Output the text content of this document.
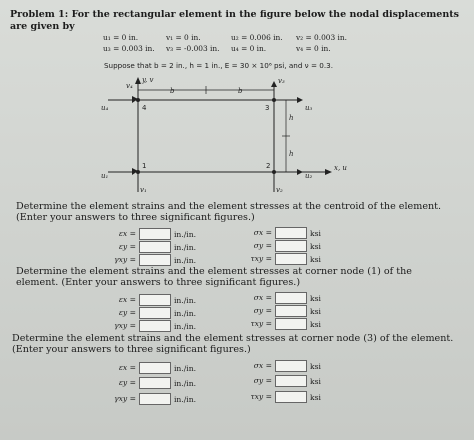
Problem 1: For the rectangular element in the figure below the nodal displacements are given by
u₁ = 0 in.	v₁ = 0 in.	u₂ = 0.006 in. v₂ = 0.003 in.
u₃ = 0.003 in. v₃ = -0.003 in. u₄ = 0 in.	v₄ = 0 in.
Suppose that b = 2 in., h = 1 in., E = 30 × 10⁶ psi, and ν = 0.3.
y, v
x, u
b	b
h
h
v₄
v₃
u₄	u₃
u₁	u₂
v₁	v₂
1	2
3
4
Determine the element strains and the element stresses at the centroid of the element. (Enter your answers to three significant figures.)
εx =	in./in.
εy =	in./in.
γxy =	in./in.
σx =	ksi
σy =	ksi
τxy =	ksi
Determine the element strains and the element stresses at corner node (1) of the element. (Enter your answers to three significant figures.)
εx =	in./in.
εy =	in./in.
γxy =	in./in.
σx =	ksi
σy =	ksi
τxy =	ksi
Determine the element strains and the element stresses at corner node (3) of the element. (Enter your answers to three significant figures.)
εx =	in./in.
εy =	in./in.
γxy =	in./in.
σx =	ksi
σy =	ksi
τxy =	ksi
